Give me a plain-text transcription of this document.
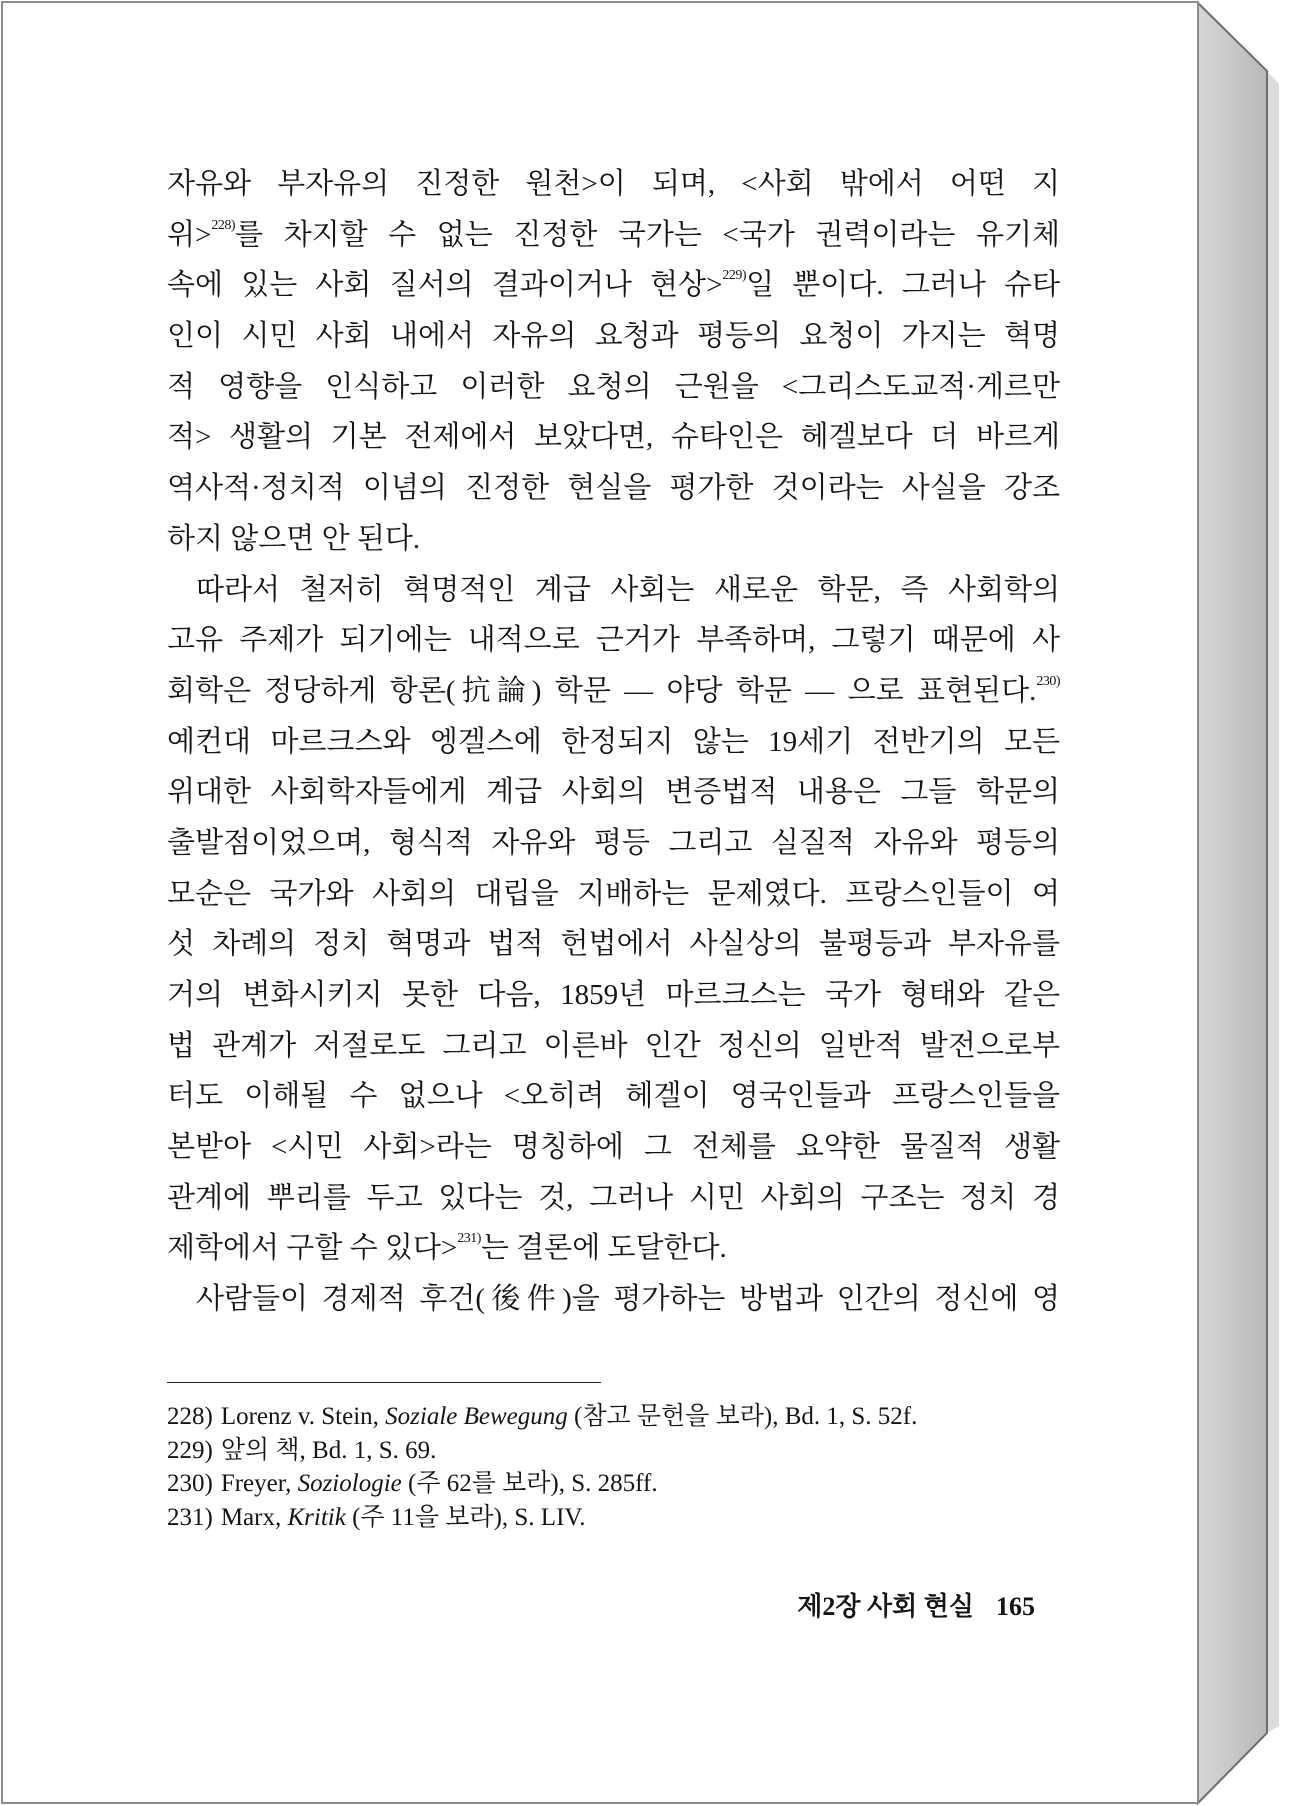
자유와 부자유의 진정한 원천>이 되며, <사회 밖에서 어떤 지
위>$^{228)}$를 차지할 수 없는 진정한 국가는 <국가 권력이라는 유기체
속에 있는 사회 질서의 결과이거나 현상>$^{229)}$일 뿐이다. 그러나 슈타
인이 시민 사회 내에서 자유의 요청과 평등의 요청이 가지는 혁명
적 영향을 인식하고 이러한 요청의 근원을 <그리스도교적·게르만
적> 생활의 기본 전제에서 보았다면, 슈타인은 헤겔보다 더 바르게
역사적·정치적 이념의 진정한 현실을 평가한 것이라는 사실을 강조
하지 않으면 안 된다.
따라서 철저히 혁명적인 계급 사회는 새로운 학문, 즉 사회학의
고유 주제가 되기에는 내적으로 근거가 부족하며, 그렇기 때문에 사
회학은 정당하게 항론(抗論) 학문 — 야당 학문 — 으로 표현된다.$^{230)}$
예컨대 마르크스와 엥겔스에 한정되지 않는 19세기 전반기의 모든
위대한 사회학자들에게 계급 사회의 변증법적 내용은 그들 학문의
출발점이었으며, 형식적 자유와 평등 그리고 실질적 자유와 평등의
모순은 국가와 사회의 대립을 지배하는 문제였다. 프랑스인들이 여
섯 차례의 정치 혁명과 법적 헌법에서 사실상의 불평등과 부자유를
거의 변화시키지 못한 다음, 1859년 마르크스는 국가 형태와 같은
법 관계가 저절로도 그리고 이른바 인간 정신의 일반적 발전으로부
터도 이해될 수 없으나 <오히려 헤겔이 영국인들과 프랑스인들을
본받아 <시민 사회>라는 명칭하에 그 전체를 요약한 물질적 생활
관계에 뿌리를 두고 있다는 것, 그러나 시민 사회의 구조는 정치 경
제학에서 구할 수 있다>$^{231)}$는 결론에 도달한다.
사람들이 경제적 후건(後件)을 평가하는 방법과 인간의 정신에 영
228) Lorenz v. Stein, Soziale Bewegung (참고 문헌을 보라), Bd. 1, S. 52f.
229) 앞의 책, Bd. 1, S. 69.
230) Freyer, Soziologie (주 62를 보라), S. 285ff.
231) Marx, Kritik (주 11을 보라), S. LIV.
제2장 사회 현실 165
